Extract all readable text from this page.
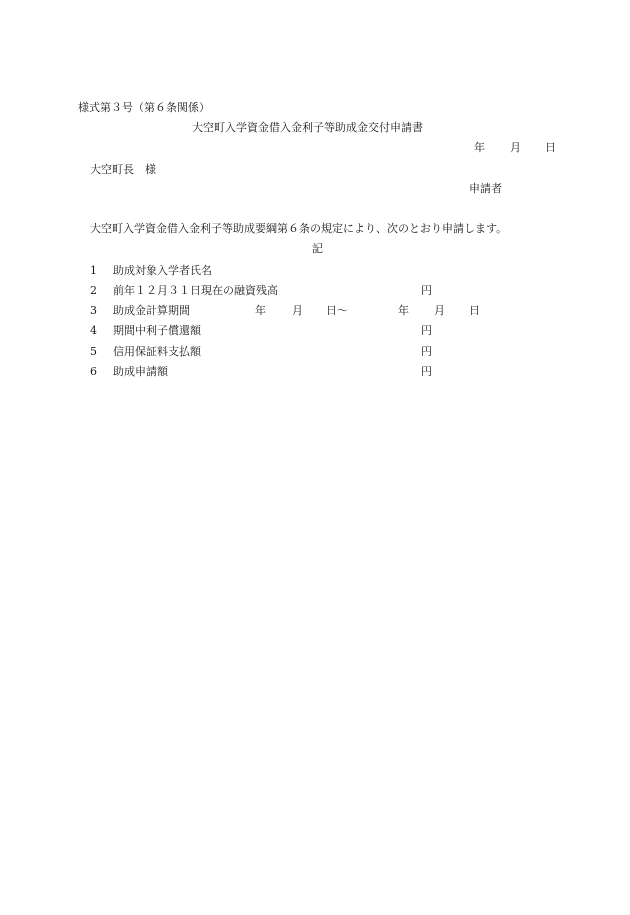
様式第３号（第６条関係）
大空町入学資金借入金利子等助成金交付申請書
年 月 日
大空町長　様
申請者
大空町入学資金借入金利子等助成要綱第６条の規定により、次のとおり申請します。
記
1 助成対象入学者氏名
2 前年１２月３１日現在の融資残高	円
3 助成金計算期間	年 月 日〜	年 月 日
4 期間中利子償還額	円
5 信用保証料支払額	円
6 助成申請額	円
